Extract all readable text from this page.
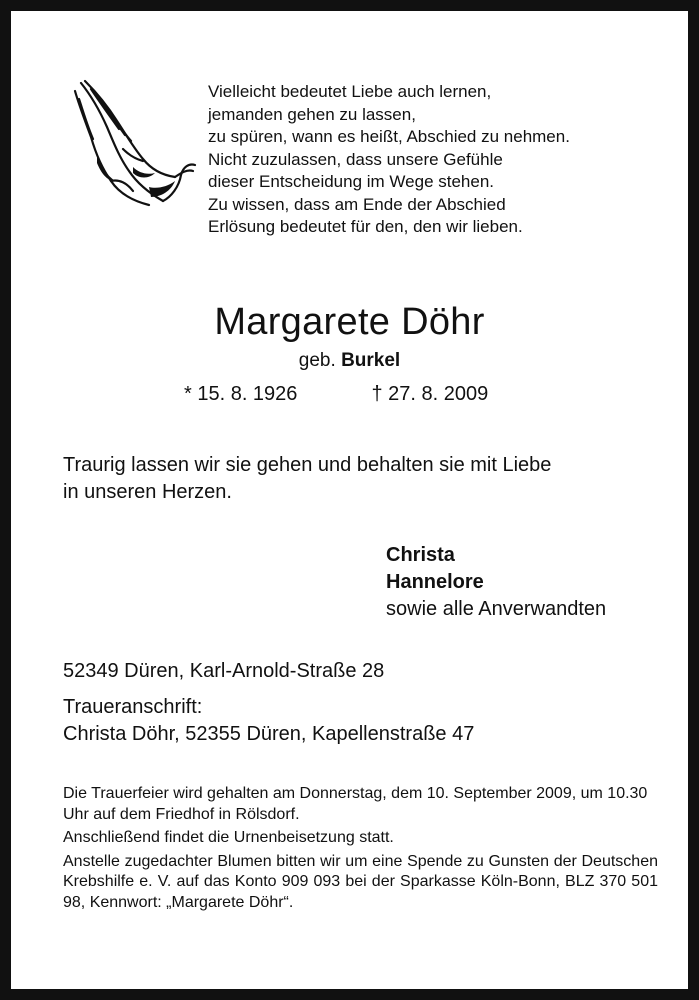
Vielleicht bedeutet Liebe auch lernen,
jemanden gehen zu lassen,
zu spüren, wann es heißt, Abschied zu nehmen.
Nicht zuzulassen, dass unsere Gefühle
dieser Entscheidung im Wege stehen.
Zu wissen, dass am Ende der Abschied
Erlösung bedeutet für den, den wir lieben.
Margarete Döhr
geb. Burkel
* 15. 8. 1926	† 27. 8. 2009
Traurig lassen wir sie gehen und behalten sie mit Liebe
in unseren Herzen.
Christa
Hannelore
sowie alle Anverwandten
52349 Düren, Karl-Arnold-Straße 28
Traueranschrift:
Christa Döhr, 52355 Düren, Kapellenstraße 47

Die Trauerfeier wird gehalten am Donnerstag, dem 10. September 2009, um 10.30 Uhr auf dem Friedhof in Rölsdorf.

Anschließend findet die Urnenbeisetzung statt.

Anstelle zugedachter Blumen bitten wir um eine Spende zu Gunsten der Deutschen Krebshilfe e. V. auf das Konto 909 093 bei der Sparkasse Köln-Bonn, BLZ 370 501 98, Kennwort: „Margarete Döhr“.
